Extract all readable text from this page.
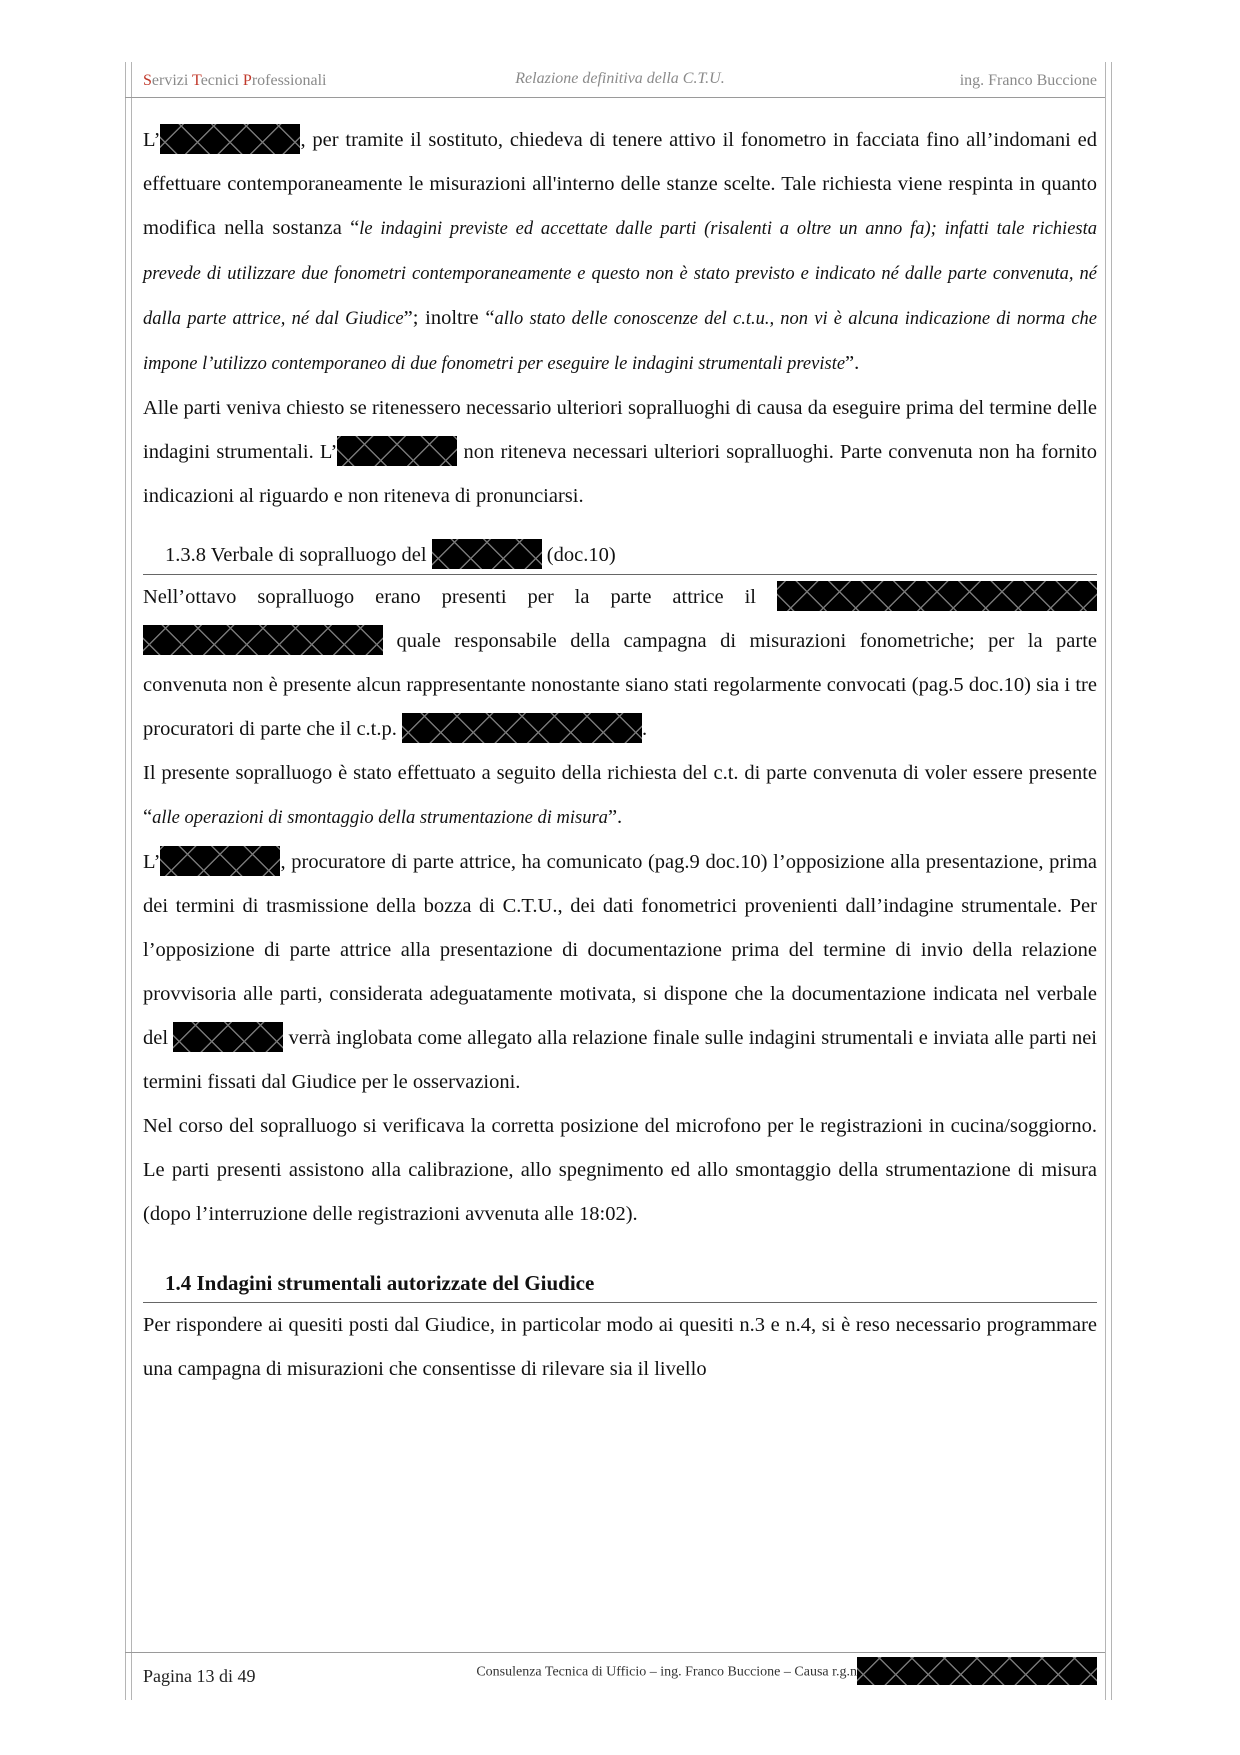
Servizi Tecnici Professionali	Relazione definitiva della C.T.U.	ing. Franco Buccione

L’	, per tramite il sostituto, chiedeva di tenere attivo il fonometro in facciata fino all’indomani ed effettuare contemporaneamente le misurazioni all'interno delle stanze scelte. Tale richiesta viene respinta in quanto modifica nella sostanza “le indagini previste ed accettate dalle parti (risalenti a oltre un anno fa); infatti tale richiesta prevede di utilizzare due fonometri contemporaneamente e questo non è stato previsto e indicato né dalle parte convenuta, né dalla parte attrice, né dal Giudice”; inoltre “allo stato delle conoscenze del c.t.u., non vi è alcuna indicazione di norma che impone l’utilizzo contemporaneo di due fonometri per eseguire le indagini strumentali previste”.

Alle parti veniva chiesto se ritenessero necessario ulteriori sopralluoghi di causa da eseguire prima del termine delle indagini strumentali. L’	non riteneva necessari ulteriori sopralluoghi. Parte convenuta non ha fornito indicazioni al riguardo e non riteneva di pronunciarsi.

1.3.8 Verbale di sopralluogo del	(doc.10)

Nell’ottavo sopralluogo erano presenti per la parte attrice il   quale responsabile della campagna di misurazioni fonometriche; per la parte convenuta non è presente alcun rappresentante nonostante siano stati regolarmente convocati (pag.5 doc.10) sia i tre procuratori di parte che il c.t.p.	.

Il presente sopralluogo è stato effettuato a seguito della richiesta del c.t. di parte convenuta di voler essere presente “alle operazioni di smontaggio della strumentazione di misura”.

L’	, procuratore di parte attrice, ha comunicato (pag.9 doc.10) l’opposizione alla presentazione, prima dei termini di trasmissione della bozza di C.T.U., dei dati fonometrici provenienti dall’indagine strumentale. Per l’opposizione di parte attrice alla presentazione di documentazione prima del termine di invio della relazione provvisoria alle parti, considerata adeguatamente motivata, si dispone che la documentazione indicata nel verbale del	verrà inglobata come allegato alla relazione finale sulle indagini strumentali e inviata alle parti nei termini fissati dal Giudice per le osservazioni.

Nel corso del sopralluogo si verificava la corretta posizione del microfono per le registrazioni in cucina/soggiorno. Le parti presenti assistono alla calibrazione, allo spegnimento ed allo smontaggio della strumentazione di misura (dopo l’interruzione delle registrazioni avvenuta alle 18:02).

1.4 Indagini strumentali autorizzate del Giudice

Per rispondere ai quesiti posti dal Giudice, in particolar modo ai quesiti n.3 e n.4, si è reso necessario programmare una campagna di misurazioni che consentisse di rilevare sia il livello

Pagina 13 di 49	Consulenza Tecnica di Ufficio – ing. Franco Buccione – Causa r.g.n
